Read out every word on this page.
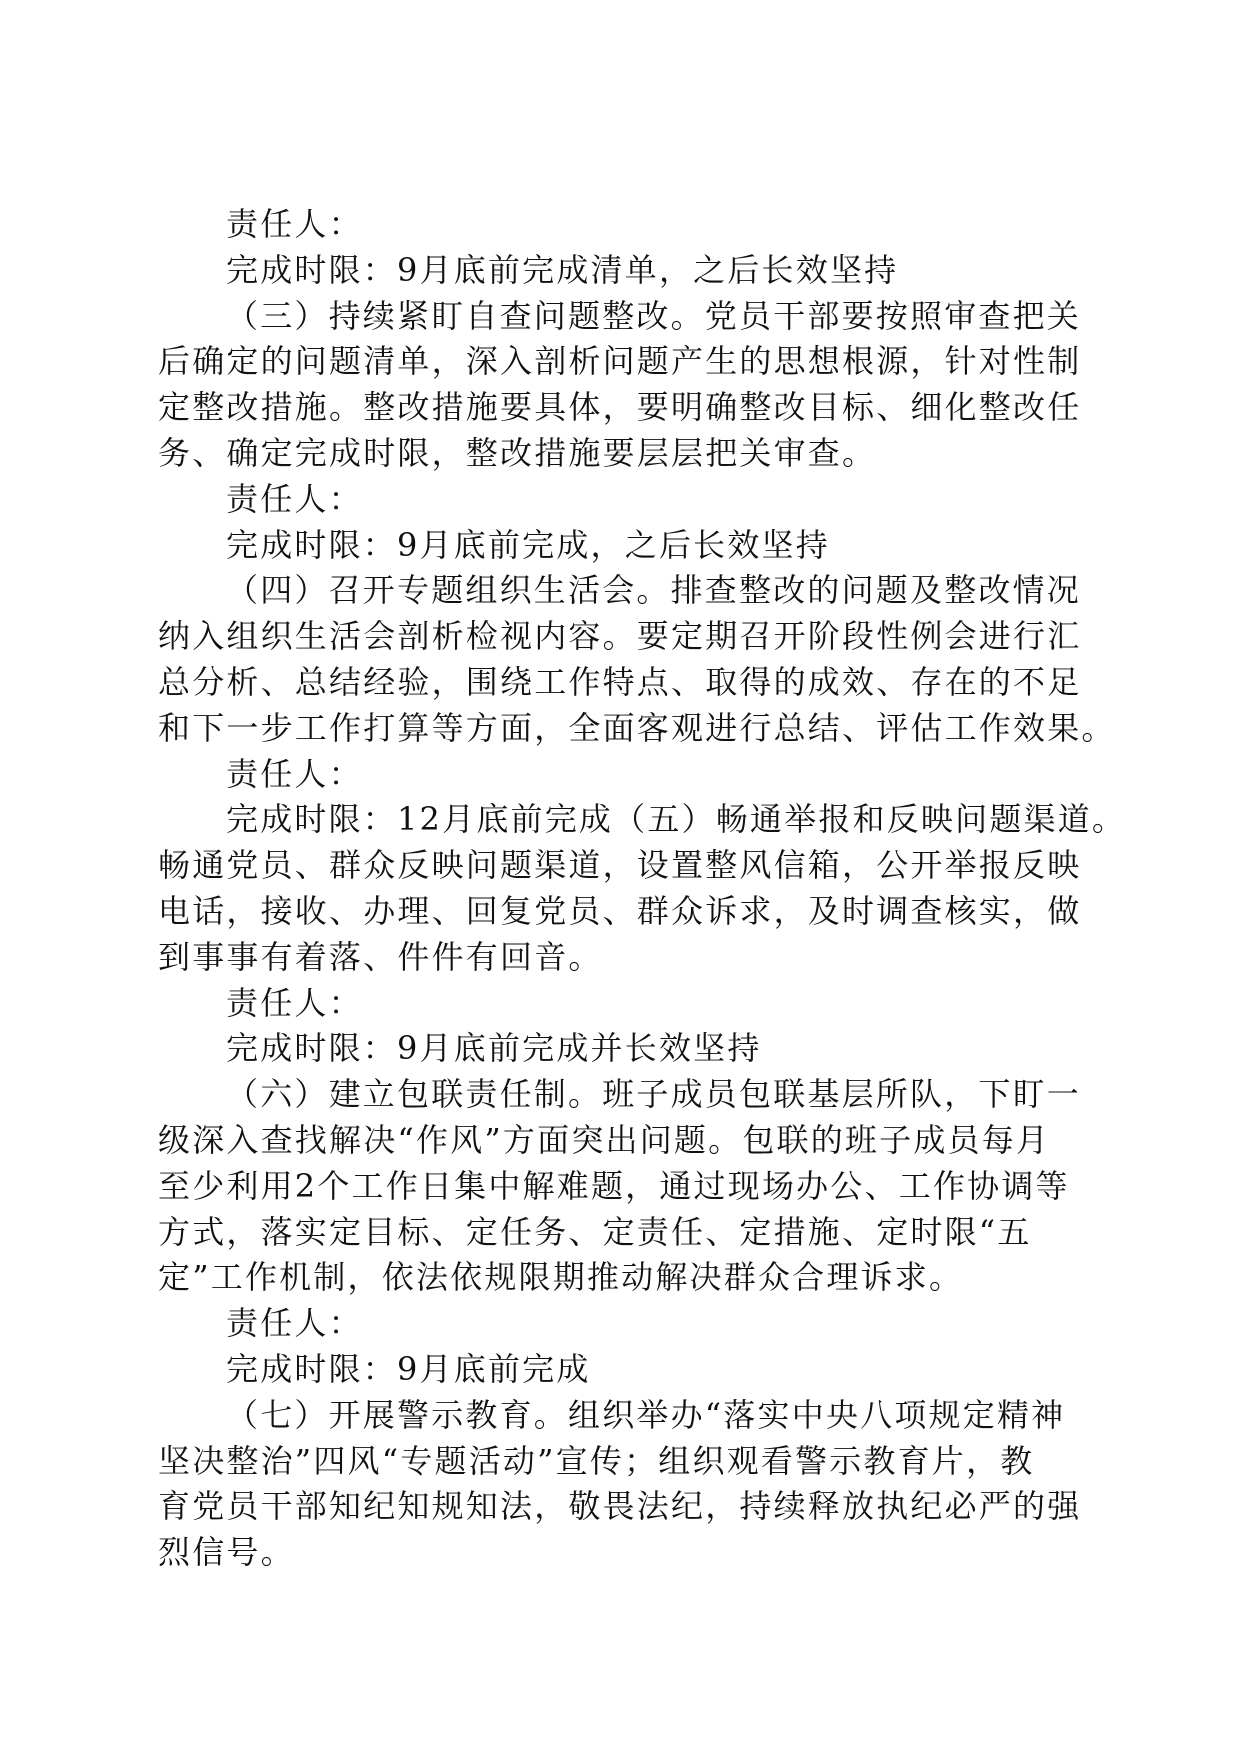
责任人：
完成时限：9月底前完成清单，之后长效坚持
（三）持续紧盯自查问题整改。党员干部要按照审查把关
后确定的问题清单，深入剖析问题产生的思想根源，针对性制
定整改措施。整改措施要具体，要明确整改目标、细化整改任
务、确定完成时限，整改措施要层层把关审查。
责任人：
完成时限：9月底前完成，之后长效坚持
（四）召开专题组织生活会。排查整改的问题及整改情况
纳入组织生活会剖析检视内容。要定期召开阶段性例会进行汇
总分析、总结经验，围绕工作特点、取得的成效、存在的不足
和下一步工作打算等方面，全面客观进行总结、评估工作效果。
责任人：
完成时限：12月底前完成（五）畅通举报和反映问题渠道。
畅通党员、群众反映问题渠道，设置整风信箱，公开举报反映
电话，接收、办理、回复党员、群众诉求，及时调查核实，做
到事事有着落、件件有回音。
责任人：
完成时限：9月底前完成并长效坚持
（六）建立包联责任制。班子成员包联基层所队，下盯一
级深入查找解决“作风”方面突出问题。包联的班子成员每月
至少利用2个工作日集中解难题，通过现场办公、工作协调等
方式，落实定目标、定任务、定责任、定措施、定时限“五
定”工作机制，依法依规限期推动解决群众合理诉求。
责任人：
完成时限：9月底前完成
（七）开展警示教育。组织举办“落实中央八项规定精神
坚决整治”四风“专题活动”宣传；组织观看警示教育片，教
育党员干部知纪知规知法，敬畏法纪，持续释放执纪必严的强
烈信号。
